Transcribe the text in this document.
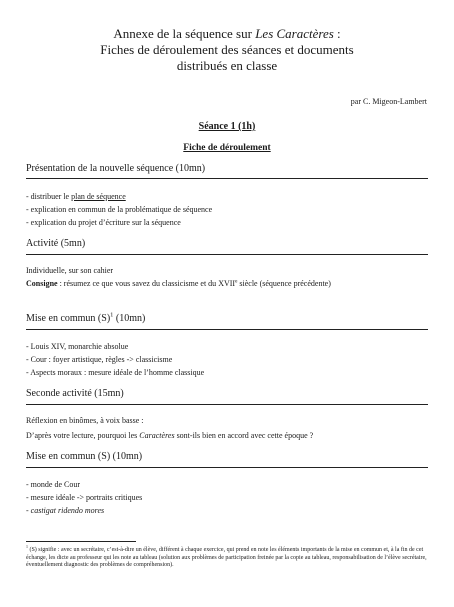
Annexe de la séquence sur Les Caractères :
Fiches de déroulement des séances et documents
distribués en classe
par C. Migeon-Lambert
Séance 1 (1h)
Fiche de déroulement
Présentation de la nouvelle séquence (10mn)
- distribuer le plan de séquence
- explication en commun de la problématique de séquence
- explication du projet d’écriture sur la séquence
Activité (5mn)
Individuelle, sur son cahier
Consigne : résumez ce que vous savez du classicisme et du XVIIe siècle (séquence précédente)
Mise en commun $(S)^1$ (10mn)
- Louis XIV, monarchie absolue
- Cour : foyer artistique, règles -> classicisme
- Aspects moraux : mesure idéale de l’homme classique
Seconde activité (15mn)
Réflexion en binômes, à voix basse :
D’après votre lecture, pourquoi les Caractères sont-ils bien en accord avec cette époque ?
Mise en commun (S) (10mn)
- monde de Cour
- mesure idéale -> portraits critiques
- castigat ridendo mores
$^1$ (S) signifie : avec un secrétaire, c’est-à-dire un élève, différent à chaque exercice, qui prend en note les éléments importants de la mise en commun et, à la fin de cet échange, les dicte au professeur qui les note au tableau (solution aux problèmes de participation freinée par la copie au tableau, responsabilisation de l’élève secrétaire, éventuellement diagnostic des problèmes de compréhension).
